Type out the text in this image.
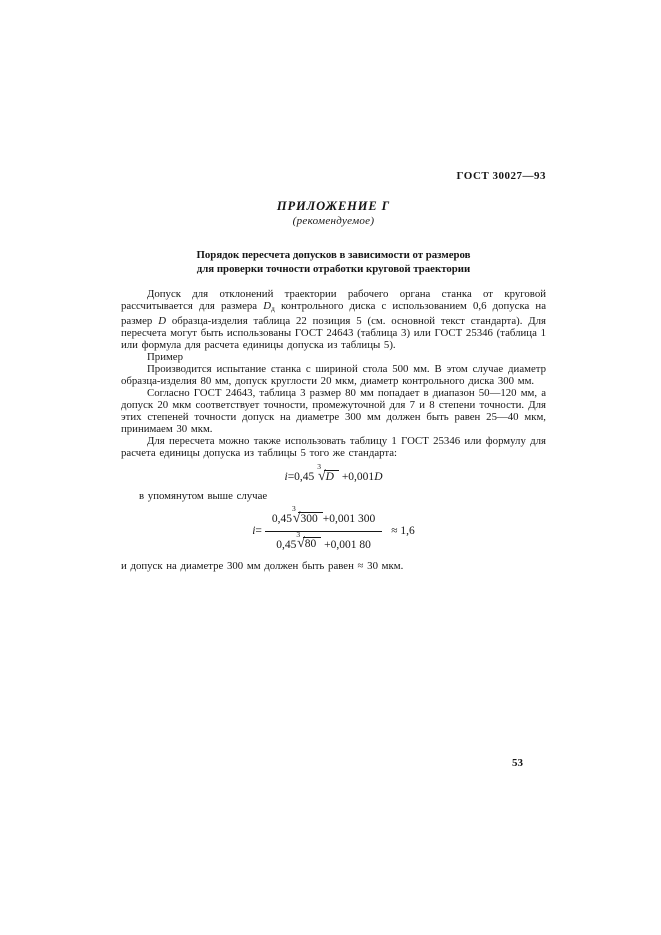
ГОСТ 30027—93
ПРИЛОЖЕНИЕ Г
(рекомендуемое)
Порядок пересчета допусков в зависимости от размеров
для проверки точности отработки круговой траектории

Допуск для отклонений траектории рабочего органа станка от круговой рассчитывается для размера Dд контрольного диска с использованием 0,6 допуска на размер D образца-изделия таблица 22 позиция 5 (см. основной текст стандарта). Для пересчета могут быть использованы ГОСТ 24643 (таблица 3) или ГОСТ 25346 (таблица 1 или формула для расчета единицы допуска из таблицы 5).

Пример

Производится испытание станка с шириной стола 500 мм. В этом случае диаметр образца-изделия 80 мм, допуск круглости 20 мкм, диаметр контрольного диска 300 мм.

Согласно ГОСТ 24643, таблица 3 размер 80 мм попадает в диапазон 50—120 мм, а допуск 20 мкм соответствует точности, промежуточной для 7 и 8 степени точности. Для этих степеней точности допуск на диаметре 300 мм должен быть равен 25—40 мкм, принимаем 30 мкм.

Для пересчета можно также использовать таблицу 1 ГОСТ 25346 или формулу для расчета единицы допуска из таблицы 5 того же стандарта:

i=0,45 $^3$√D +0,001D

в упомянутом выше случае

$i = \frac{0,45^3√300 +0,001 300}{0,45^3√80 +0,001 80} \approx 1,6$

и допуск на диаметре 300 мм должен быть равен ≈ 30 мкм.

53
